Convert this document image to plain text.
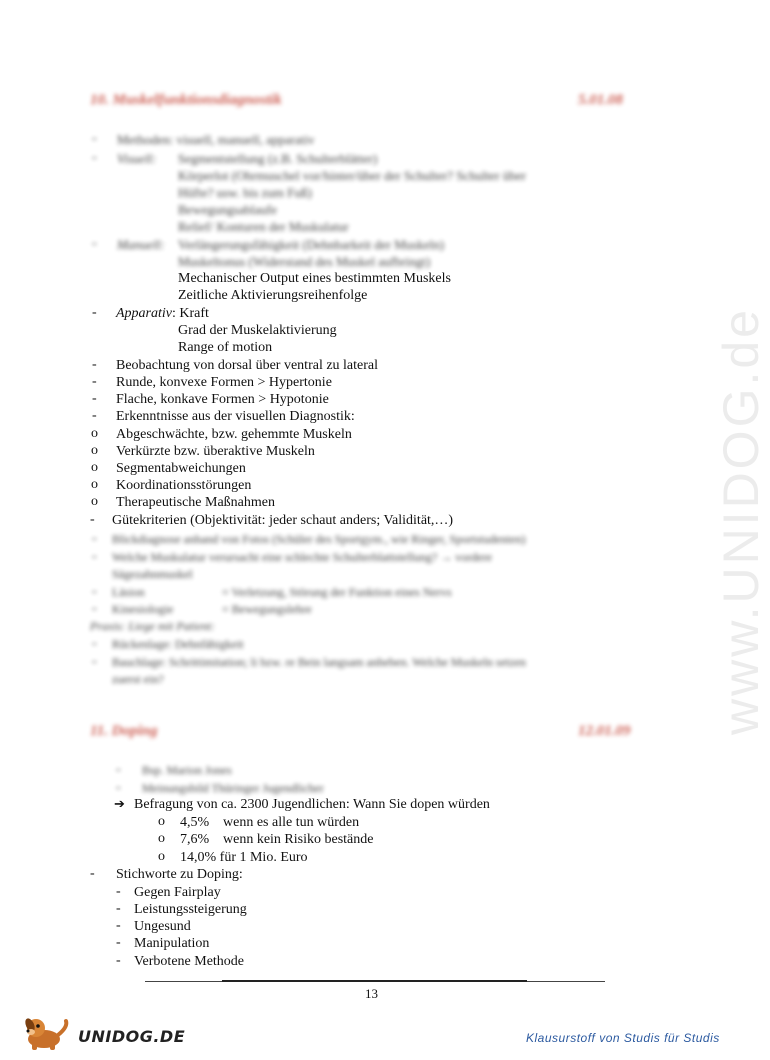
www.UNIDOG.de
10. Muskelfunktionsdiagnostik	5.01.08
- Methoden: visuell, manuell, apparativ
- Visuell: Segmentstellung (z.B. Schulterblätter)
Körperlot (Ohrmuschel vor/hinter/über der Schulter? Schulter über
Hüfte? usw. bis zum Fuß)
Bewegungsablaufe
Relief/ Konturen der Muskulatur
- Manuell: Verlängerungsfähigkeit (Dehnbarkeit der Muskeln)
Muskeltonus (Widerstand des Muskel aufbringt)
Mechanischer Output eines bestimmten Muskels
Zeitliche Aktivierungsreihenfolge
- Apparativ: Kraft
Grad der Muskelaktivierung
Range of motion
- Beobachtung von dorsal über ventral zu lateral
- Runde, konvexe Formen > Hypertonie
- Flache, konkave Formen > Hypotonie
- Erkenntnisse aus der visuellen Diagnostik:
o Abgeschwächte, bzw. gehemmte Muskeln
o Verkürzte bzw. überaktive Muskeln
o Segmentabweichungen
o Koordinationsstörungen
o Therapeutische Maßnahmen
- Gütekriterien (Objektivität: jeder schaut anders; Validität,…)
- Blickdiagnose anhand von Fotos (Schüler des Sportgym., wie Ringer, Sportstudenten)
- Welche Muskulatur verursacht eine schlechte Schulterblattstellung? → vordere
Sägezahnmuskel
- Läsion	= Verletzung, Störung der Funktion eines Nervs
- Kinesiologie	= Bewegungslehre
Praxis: Liege mit Patient:
- Rückenlage: Dehnfähigkeit
- Bauchlage: Schrittimitation; li bzw. re Bein langsam anheben. Welche Muskeln setzen
zuerst ein?
11. Doping	12.01.09
- Bsp. Marion Jones
- Meinungsbild Thüringer Jugendlicher
➔ Befragung von ca. 2300 Jugendlichen: Wann Sie dopen würden
o 4,5% wenn es alle tun würden
o 7,6% wenn kein Risiko bestände
o 14,0% für 1 Mio. Euro
- Stichworte zu Doping:
- Gegen Fairplay
- Leistungssteigerung
- Ungesund
- Manipulation
- Verbotene Methode
13
UNIDOG.DE	Klausurstoff von Studis für Studis
